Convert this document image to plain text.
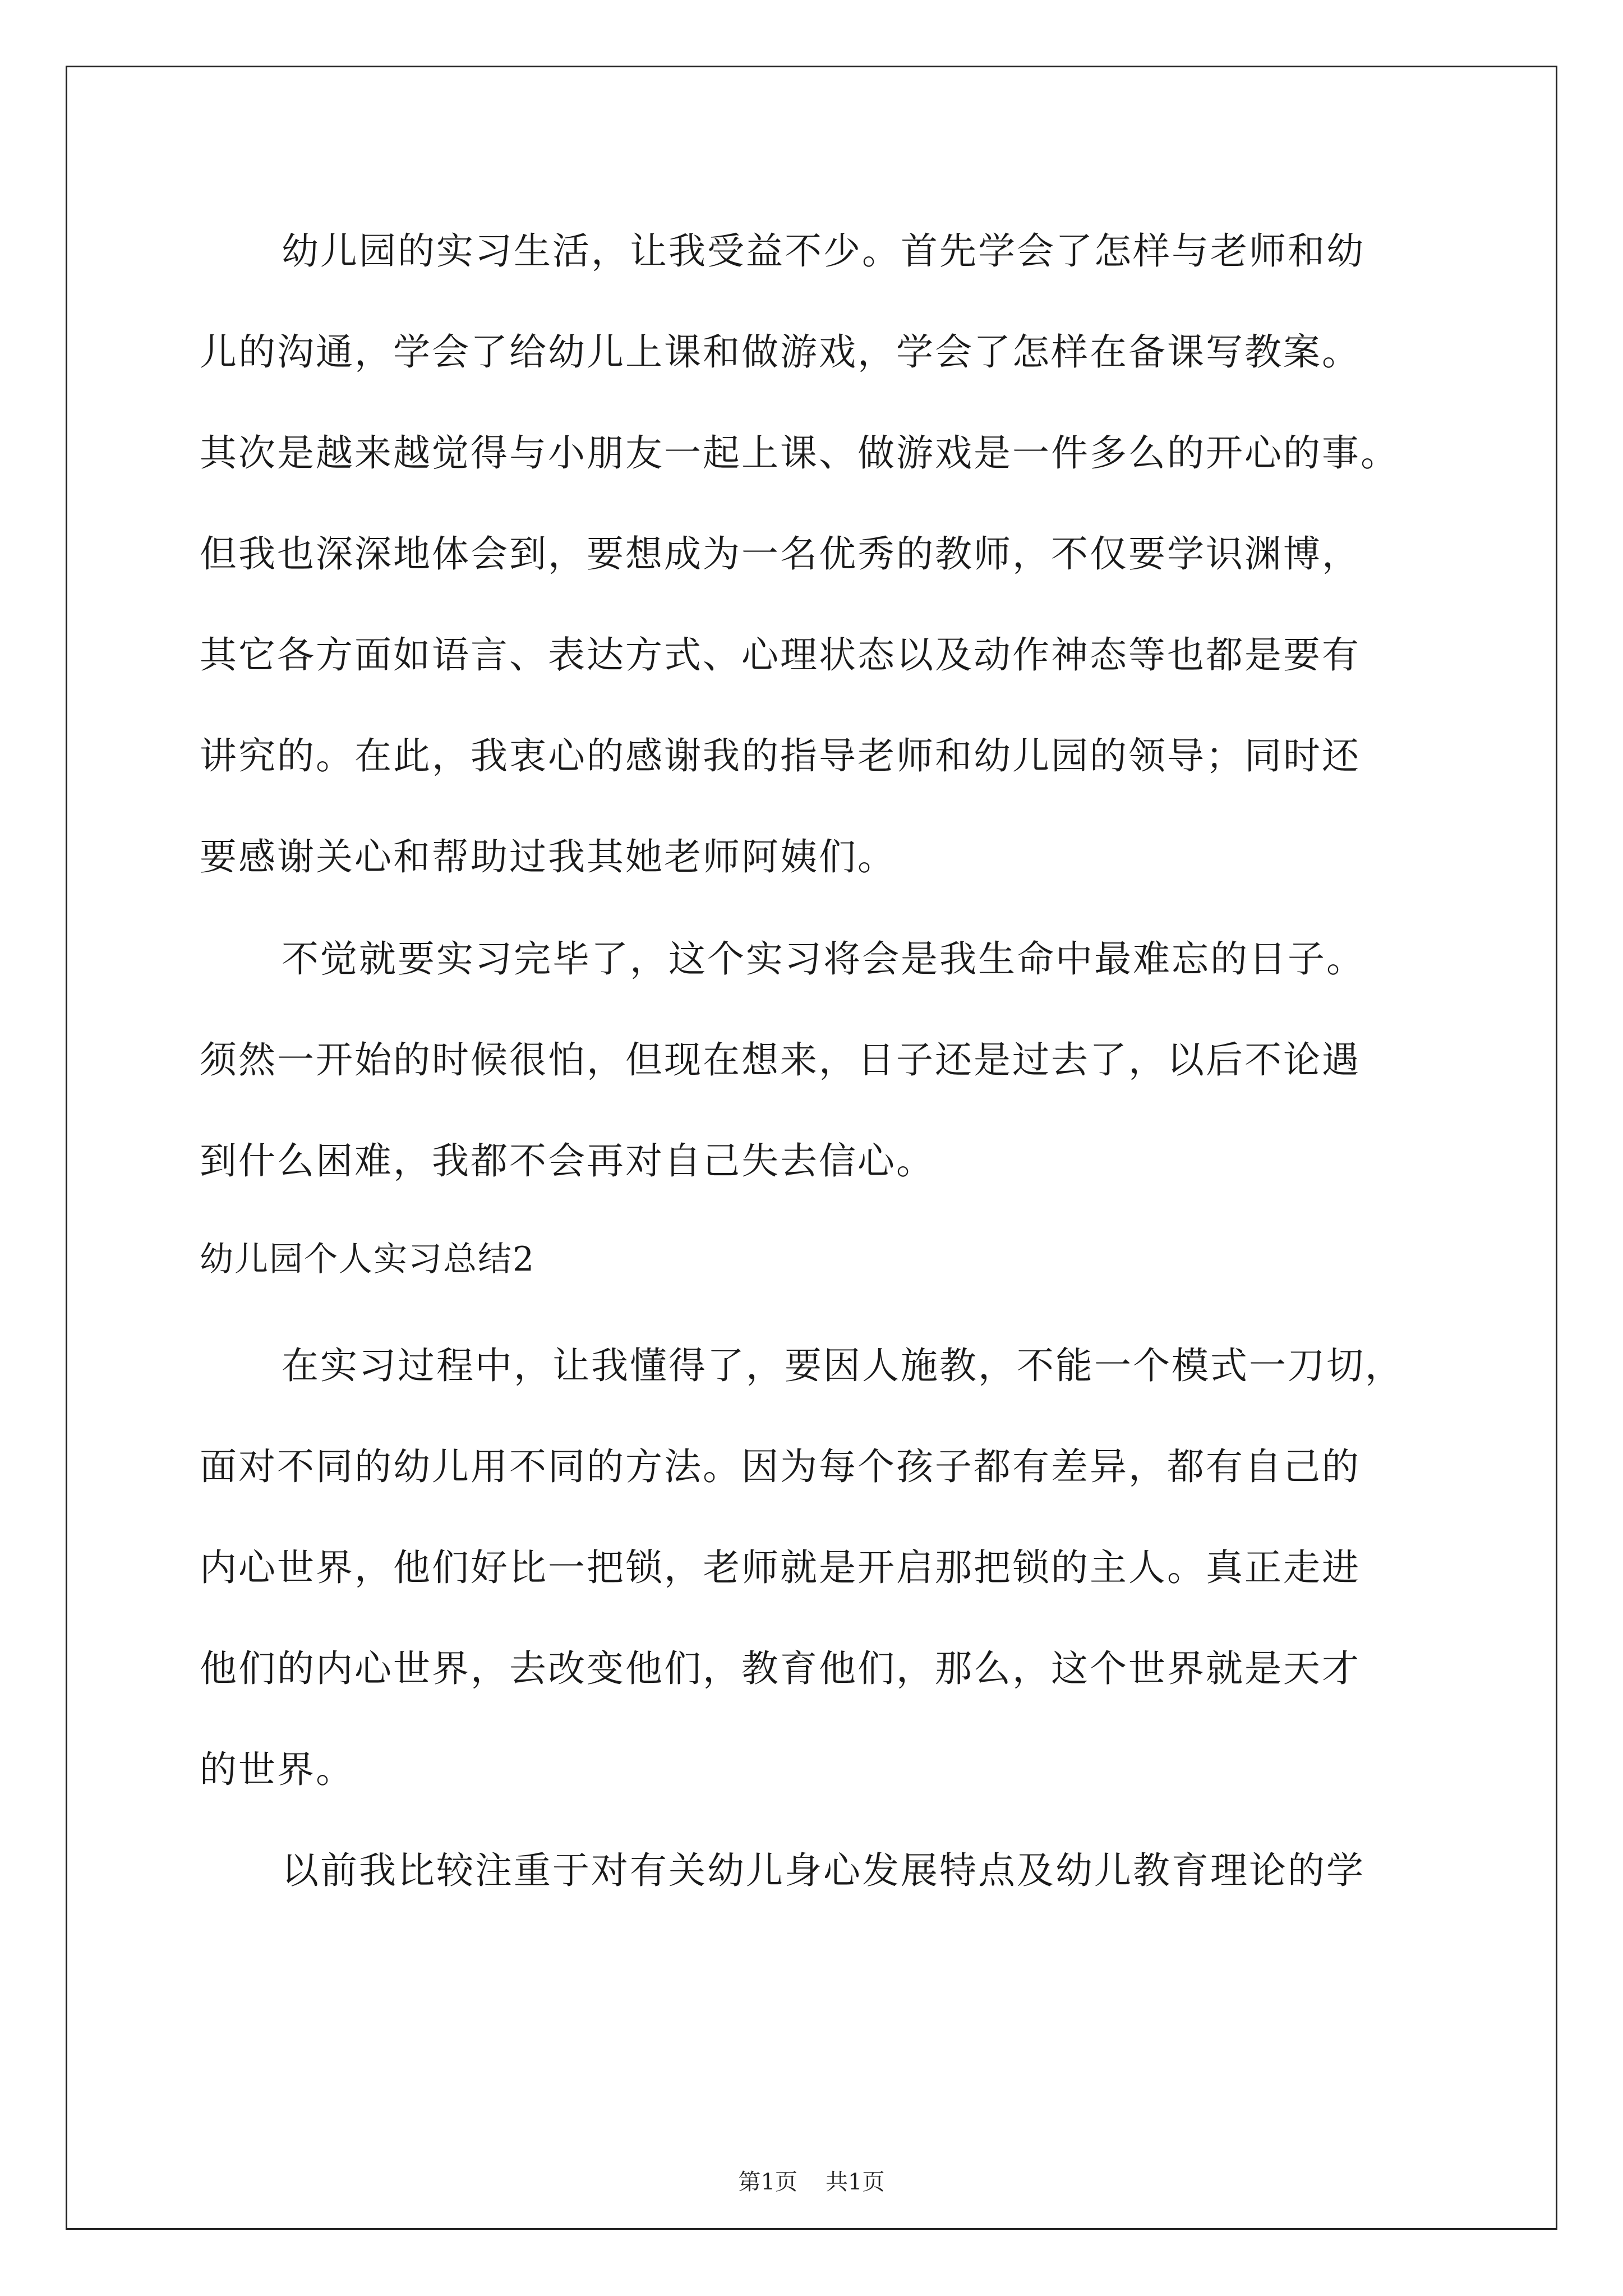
幼儿园的实习生活，让我受益不少。首先学会了怎样与老师和幼

儿的沟通，学会了给幼儿上课和做游戏，学会了怎样在备课写教案。

其次是越来越觉得与小朋友一起上课、做游戏是一件多么的开心的事。

但我也深深地体会到，要想成为一名优秀的教师，不仅要学识渊博，

其它各方面如语言、表达方式、心理状态以及动作神态等也都是要有

讲究的。在此，我衷心的感谢我的指导老师和幼儿园的领导；同时还

要感谢关心和帮助过我其她老师阿姨们。

不觉就要实习完毕了，这个实习将会是我生命中最难忘的日子。

须然一开始的时候很怕，但现在想来，日子还是过去了，以后不论遇

到什么困难，我都不会再对自己失去信心。

幼儿园个人实习总结2

在实习过程中，让我懂得了，要因人施教，不能一个模式一刀切，

面对不同的幼儿用不同的方法。因为每个孩子都有差异，都有自己的

内心世界，他们好比一把锁，老师就是开启那把锁的主人。真正走进

他们的内心世界，去改变他们，教育他们，那么，这个世界就是天才

的世界。

以前我比较注重于对有关幼儿身心发展特点及幼儿教育理论的学

第1页 共1页
